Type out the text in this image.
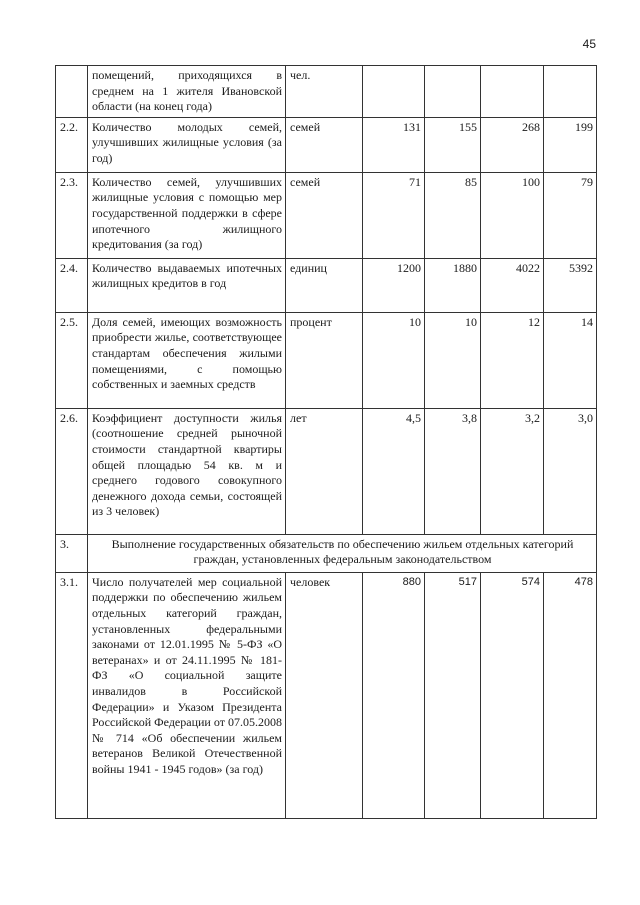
45

	помещений, приходящихся в среднем на 1 жителя Ивановской области (на конец года)	чел.				
2.2.	Количество молодых семей, улучшивших жилищные условия (за год)	семей	131	155	268	199
2.3.	Количество семей, улучшивших жилищные условия с помощью мер государственной поддержки в сфере ипотечного жилищного кредитования (за год)	семей	71	85	100	79
2.4.	Количество выдаваемых ипотечных жилищных кредитов в год	единиц	1200	1880	4022	5392
2.5.	Доля семей, имеющих возможность приобрести жилье, соответствующее стандартам обеспечения жилыми помещениями, с помощью собственных и заемных средств	процент	10	10	12	14
2.6.	Коэффициент доступности жилья (соотношение средней рыночной стоимости стандартной квартиры общей площадью 54 кв. м и среднего годового совокупного денежного дохода семьи, состоящей из 3 человек)	лет	4,5	3,8	3,2	3,0
3.	Выполнение государственных обязательств по обеспечению жильем отдельных категорий граждан, установленных федеральным законодательством					

3.1.	Число получателей мер социальной поддержки по обеспечению жильем отдельных категорий граждан, установленных федеральными законами от 12.01.1995 № 5-ФЗ «О ветеранах» и от 24.11.1995 № 181-ФЗ «О социальной защите инвалидов в Российской Федерации» и Указом Президента Российской Федерации от 07.05.2008 № 714 «Об обеспечении жильем ветеранов Великой Отечественной войны 1941 - 1945 годов» (за год)	человек	880	517	574	478
